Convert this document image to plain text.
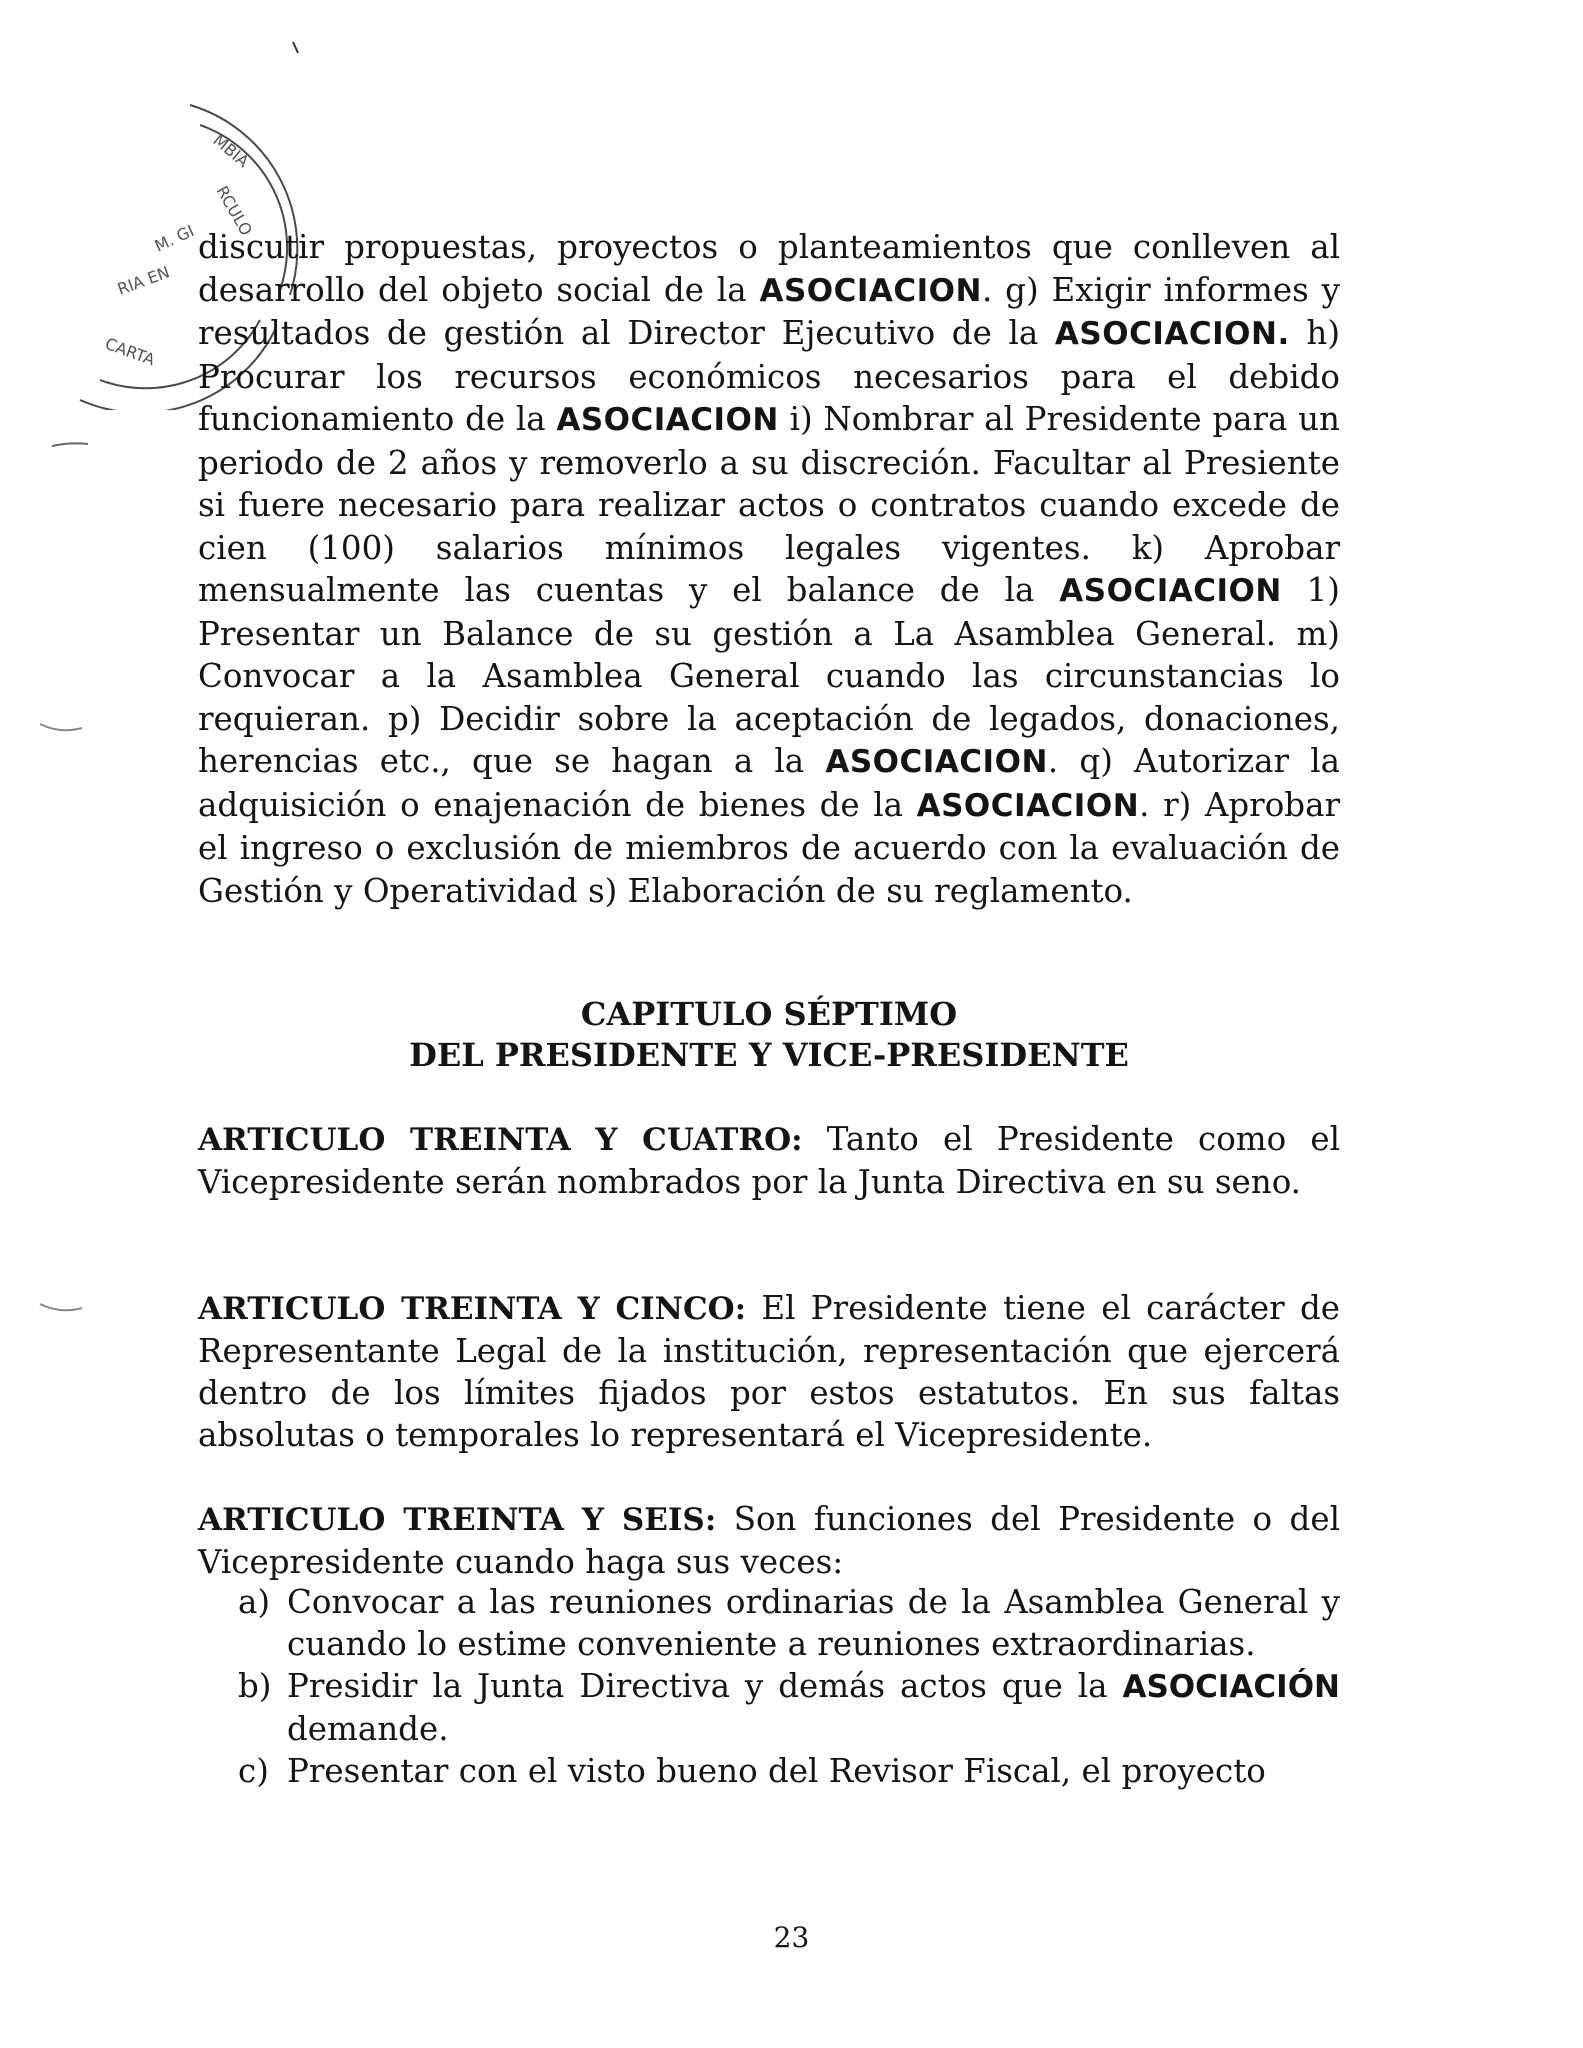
MBIA
RCULO
M. GI
RIA EN
CARTA

discutir propuestas, proyectos o planteamientos que conlleven al desarrollo del objeto social de la ASOCIACION. g) Exigir informes y resultados de gestión al Director Ejecutivo de la ASOCIACION. h) Procurar los recursos económicos necesarios para el debido funcionamiento de la ASOCIACION i) Nombrar al Presidente para un periodo de 2 años y removerlo a su discreción. Facultar al Presiente si fuere necesario para realizar actos o contratos cuando excede de cien (100) salarios mínimos legales vigentes. k) Aprobar mensualmente las cuentas y el balance de la ASOCIACION 1) Presentar un Balance de su gestión a La Asamblea General. m) Convocar a la Asamblea General cuando las circunstancias lo requieran. p) Decidir sobre la aceptación de legados, donaciones, herencias etc., que se hagan a la ASOCIACION. q) Autorizar la adquisición o enajenación de bienes de la ASOCIACION. r) Aprobar el ingreso o exclusión de miembros de acuerdo con la evaluación de Gestión y Operatividad s) Elaboración de su reglamento.

CAPITULO SÉPTIMO
DEL PRESIDENTE Y VICE-PRESIDENTE

ARTICULO TREINTA Y CUATRO: Tanto el Presidente como el Vicepresidente serán nombrados por la Junta Directiva en su seno.

ARTICULO TREINTA Y CINCO: El Presidente tiene el carácter de Representante Legal de la institución, representación que ejercerá dentro de los límites fijados por estos estatutos. En sus faltas absolutas o temporales lo representará el Vicepresidente.

ARTICULO TREINTA Y SEIS: Son funciones del Presidente o del Vicepresidente cuando haga sus veces:

a) Convocar a las reuniones ordinarias de la Asamblea General y cuando lo estime conveniente a reuniones extraordinarias.
b) Presidir la Junta Directiva y demás actos que la ASOCIACIÓN demande.
c) Presentar con el visto bueno del Revisor Fiscal, el proyecto

23
